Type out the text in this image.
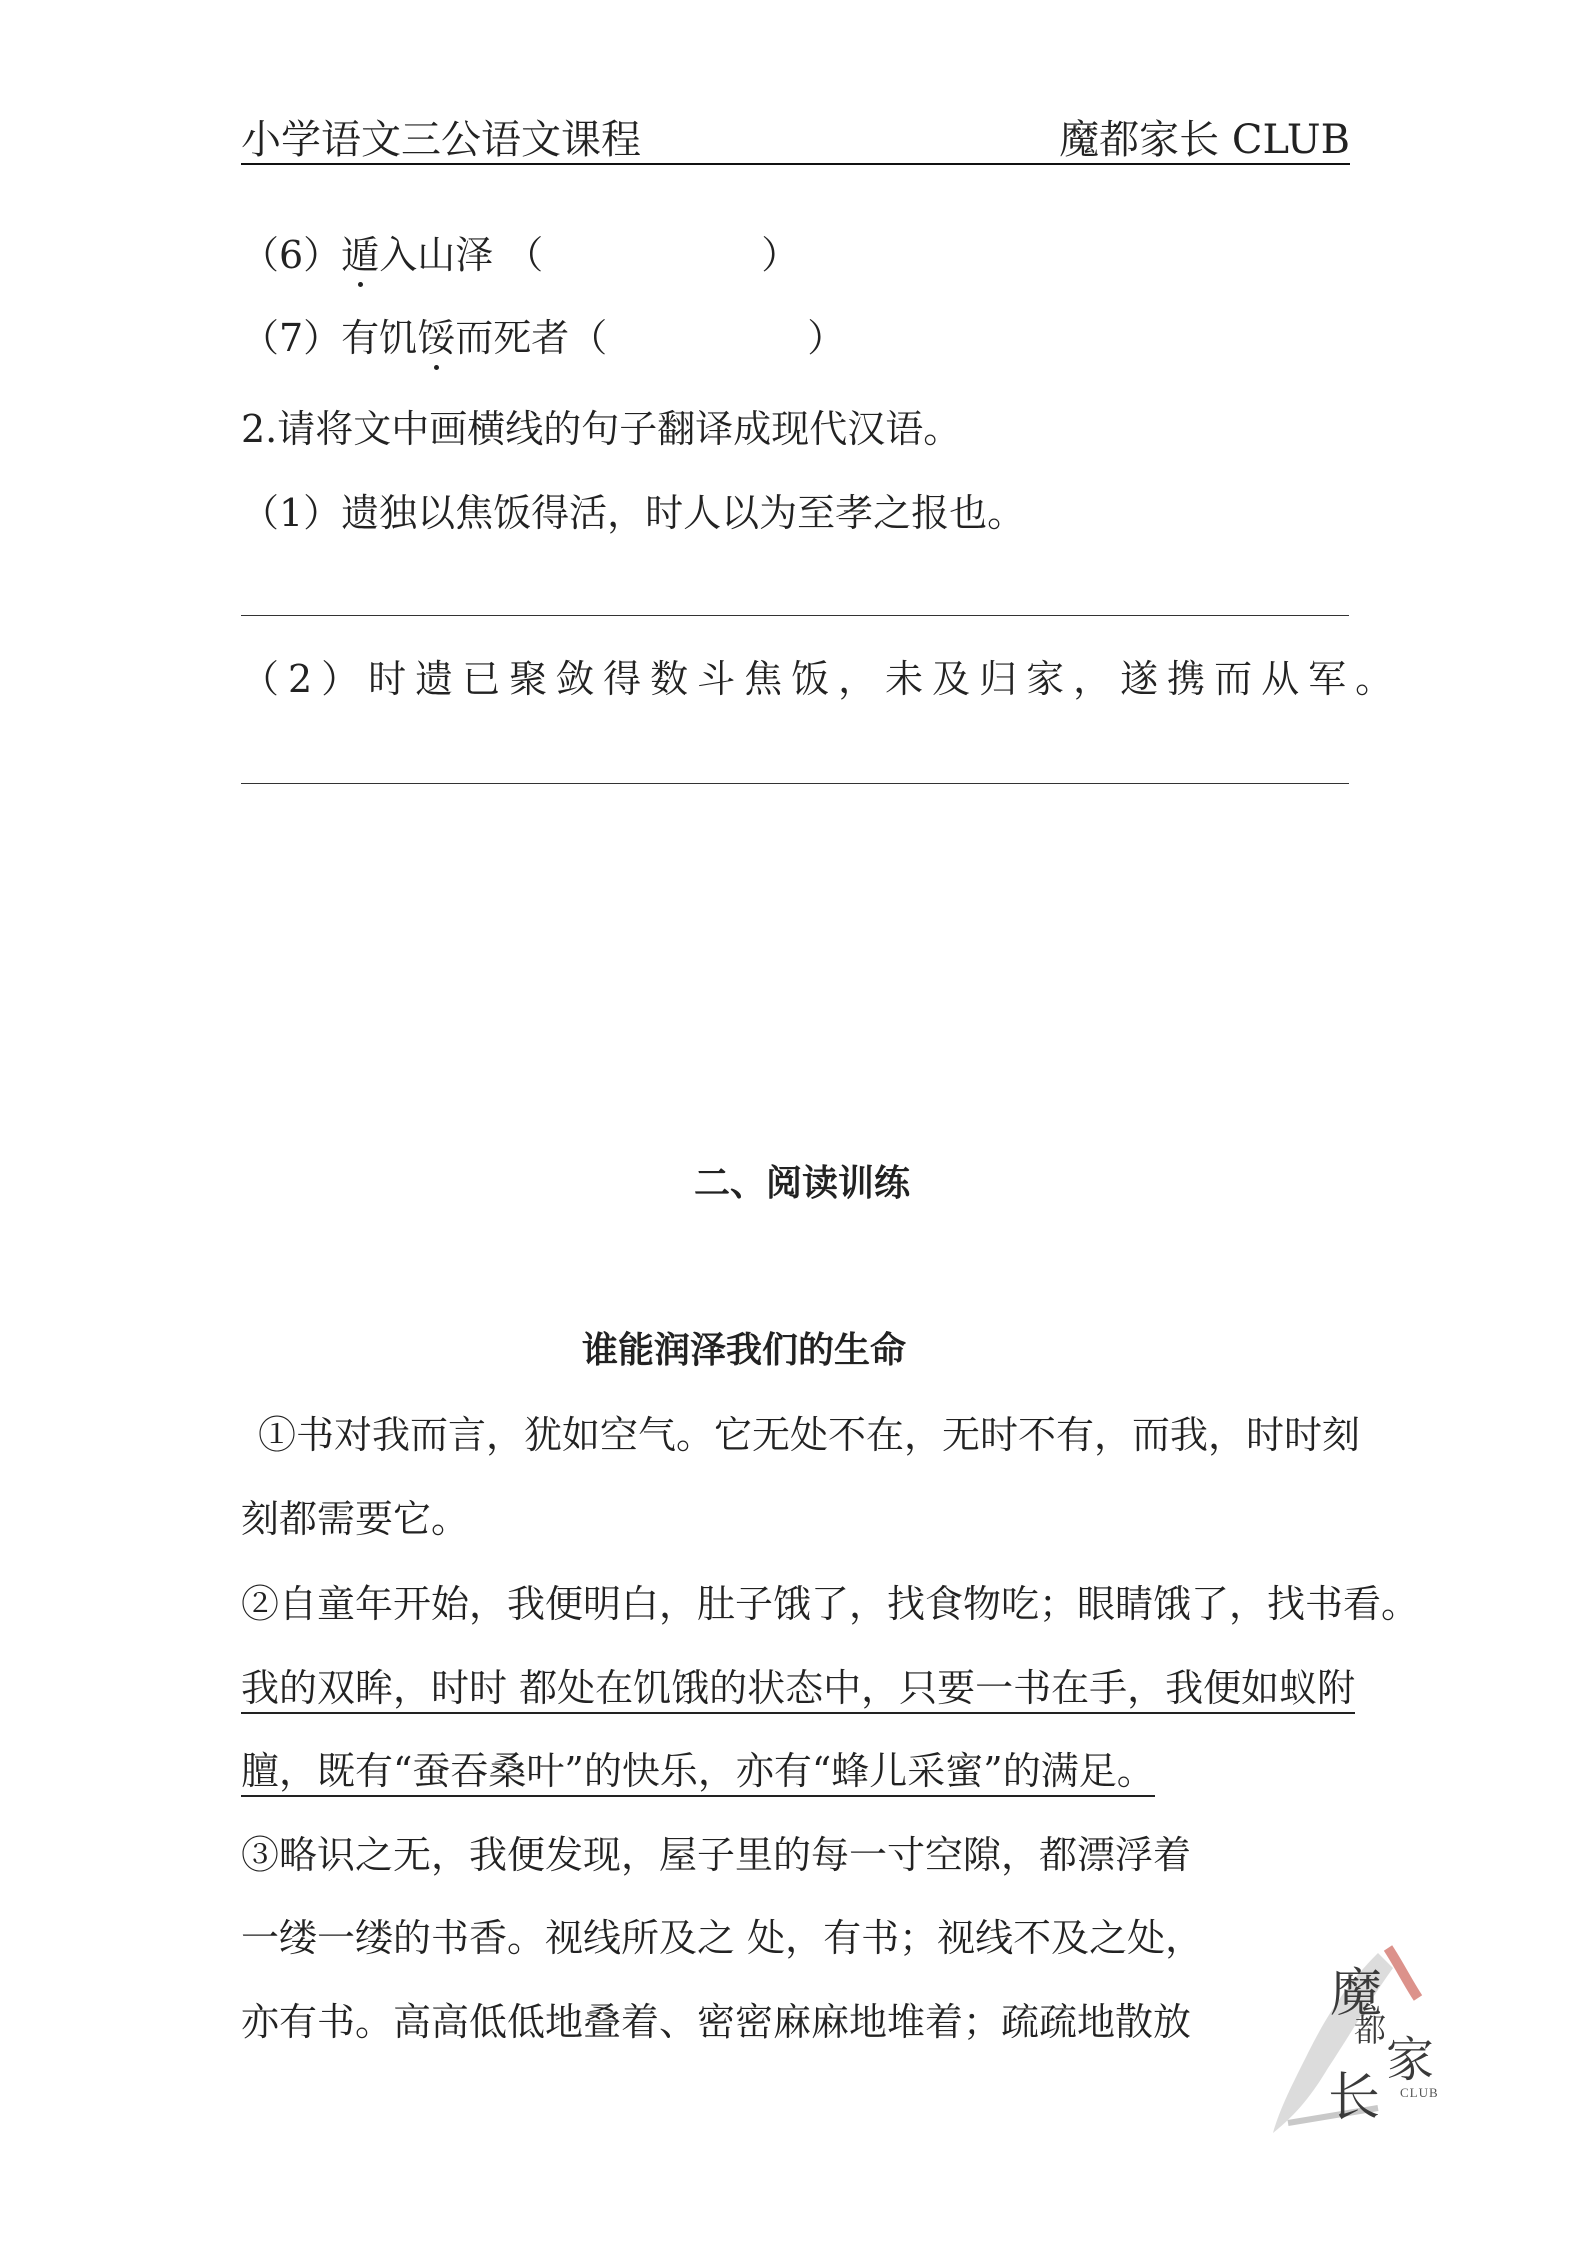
小学语文三公语文课程	魔都家长 CLUB
（6）遁入山泽 （	）
（7）有饥馁而死者（	）
2.请将文中画横线的句子翻译成现代汉语。
（1）遗独以焦饭得活，时人以为至孝之报也。
（2）时遗已聚敛得数斗焦饭，未及归家，遂携而从军。
二、阅读训练
谁能润泽我们的生命
①书对我而言，犹如空气。它无处不在，无时不有，而我，时时刻
刻都需要它。
②自童年开始，我便明白，肚子饿了，找食物吃；眼睛饿了，找书看。
我的双眸，时时 都处在饥饿的状态中，只要一书在手，我便如蚁附
膻，既有“蚕吞桑叶”的快乐，亦有“蜂儿采蜜”的满足。
③略识之无，我便发现，屋子里的每一寸空隙，都漂浮着
一缕一缕的书香。视线所及之 处，有书；视线不及之处，
亦有书。高高低低地叠着、密密麻麻地堆着；疏疏地散放	魔
都
家
长 CLUB
